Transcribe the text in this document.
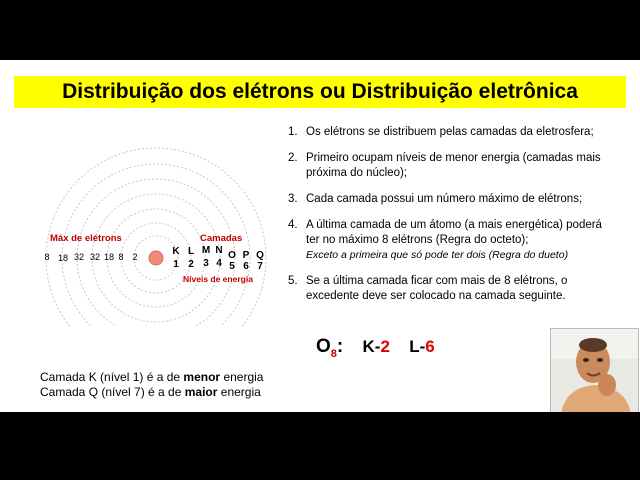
Distribuição dos elétrons ou Distribuição eletrônica
Máx de elétrons	Camadas
Níveis de energia
8 18 32 32 18 8 2	K L M N O P Q
1 2 3 4 5 6 7
1. Os elétrons se distribuem pelas camadas da eletrosfera;
2. Primeiro ocupam níveis de menor energia (camadas mais próxima do núcleo);
3. Cada camada possui um número máximo de elétrons;
4. A última camada de um átomo (a mais energética) poderá ter no máximo 8 elétrons (Regra do octeto);
Exceto a primeira que só pode ter dois (Regra do dueto)
5. Se a última camada ficar com mais de 8 elétrons, o excedente deve ser colocado na camada seguinte.
$O_8$: K-2 L-6
Camada K (nível 1) é a de menor energia
Camada Q (nível 7) é a de maior energia
